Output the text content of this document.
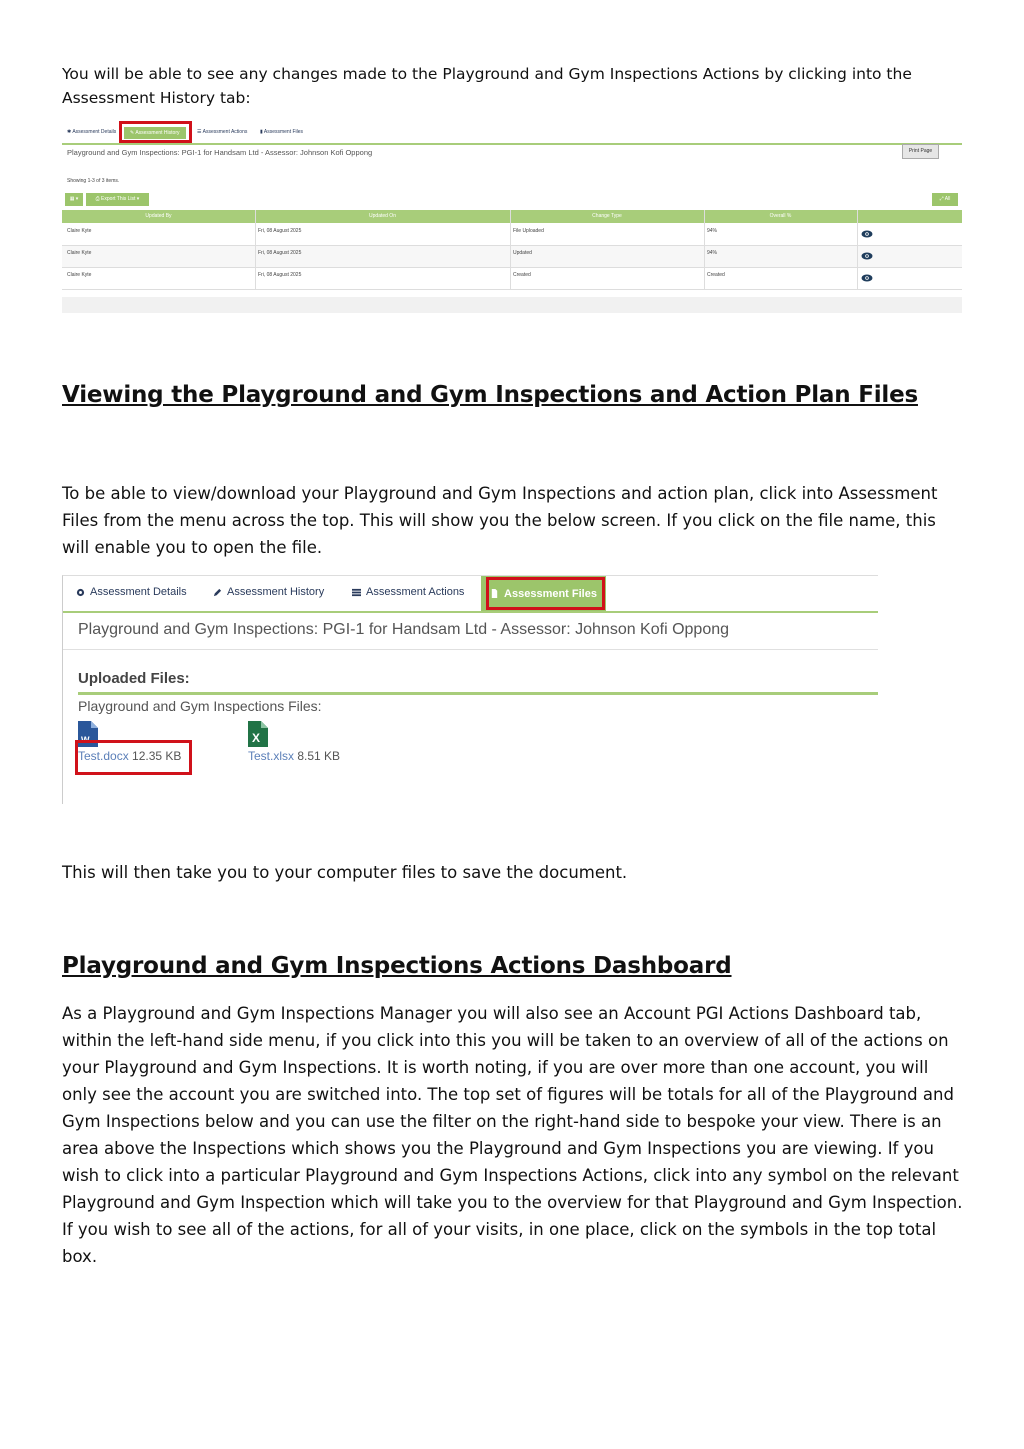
You will be able to see any changes made to the Playground and Gym Inspections Actions by clicking into the Assessment History tab:

✱ Assessment Details	✎ Assessment History	☰ Assessment Actions	▮ Assessment Files
Playground and Gym Inspections: PGI-1 for Handsam Ltd - Assessor: Johnson Kofi Oppong	Print Page
Showing 1-3 of 3 items.
▦ ▾	⎙ Export This List ▾	⤢ All
Updated By	Updated On	Change Type	Overall %
Claire Kyte	Fri, 08 August 2025	File Uploaded	94%
Claire Kyte	Fri, 08 August 2025	Updated	94%
Claire Kyte	Fri, 08 August 2025	Created	Created
Viewing the Playground and Gym Inspections and Action Plan Files

To be able to view/download your Playground and Gym Inspections and action plan, click into Assessment Files from the menu across the top. This will show you the below screen. If you click on the file name, this will enable you to open the file.

Assessment Details	Assessment History	Assessment Actions	Assessment Files
Playground and Gym Inspections: PGI-1 for Handsam Ltd - Assessor: Johnson Kofi Oppong
Uploaded Files:
Playground and Gym Inspections Files:
W
Test.docx 12.35 KB
X
Test.xlsx 8.51 KB

This will then take you to your computer files to save the document.

Playground and Gym Inspections Actions Dashboard

As a Playground and Gym Inspections Manager you will also see an Account PGI Actions Dashboard tab, within the left-hand side menu, if you click into this you will be taken to an overview of all of the actions on your Playground and Gym Inspections. It is worth noting, if you are over more than one account, you will only see the account you are switched into. The top set of figures will be totals for all of the Playground and Gym Inspections below and you can use the filter on the right-hand side to bespoke your view. There is an area above the Inspections which shows you the Playground and Gym Inspections you are viewing. If you wish to click into a particular Playground and Gym Inspections Actions, click into any symbol on the relevant Playground and Gym Inspection which will take you to the overview for that Playground and Gym Inspection. If you wish to see all of the actions, for all of your visits, in one place, click on the symbols in the top total box.
